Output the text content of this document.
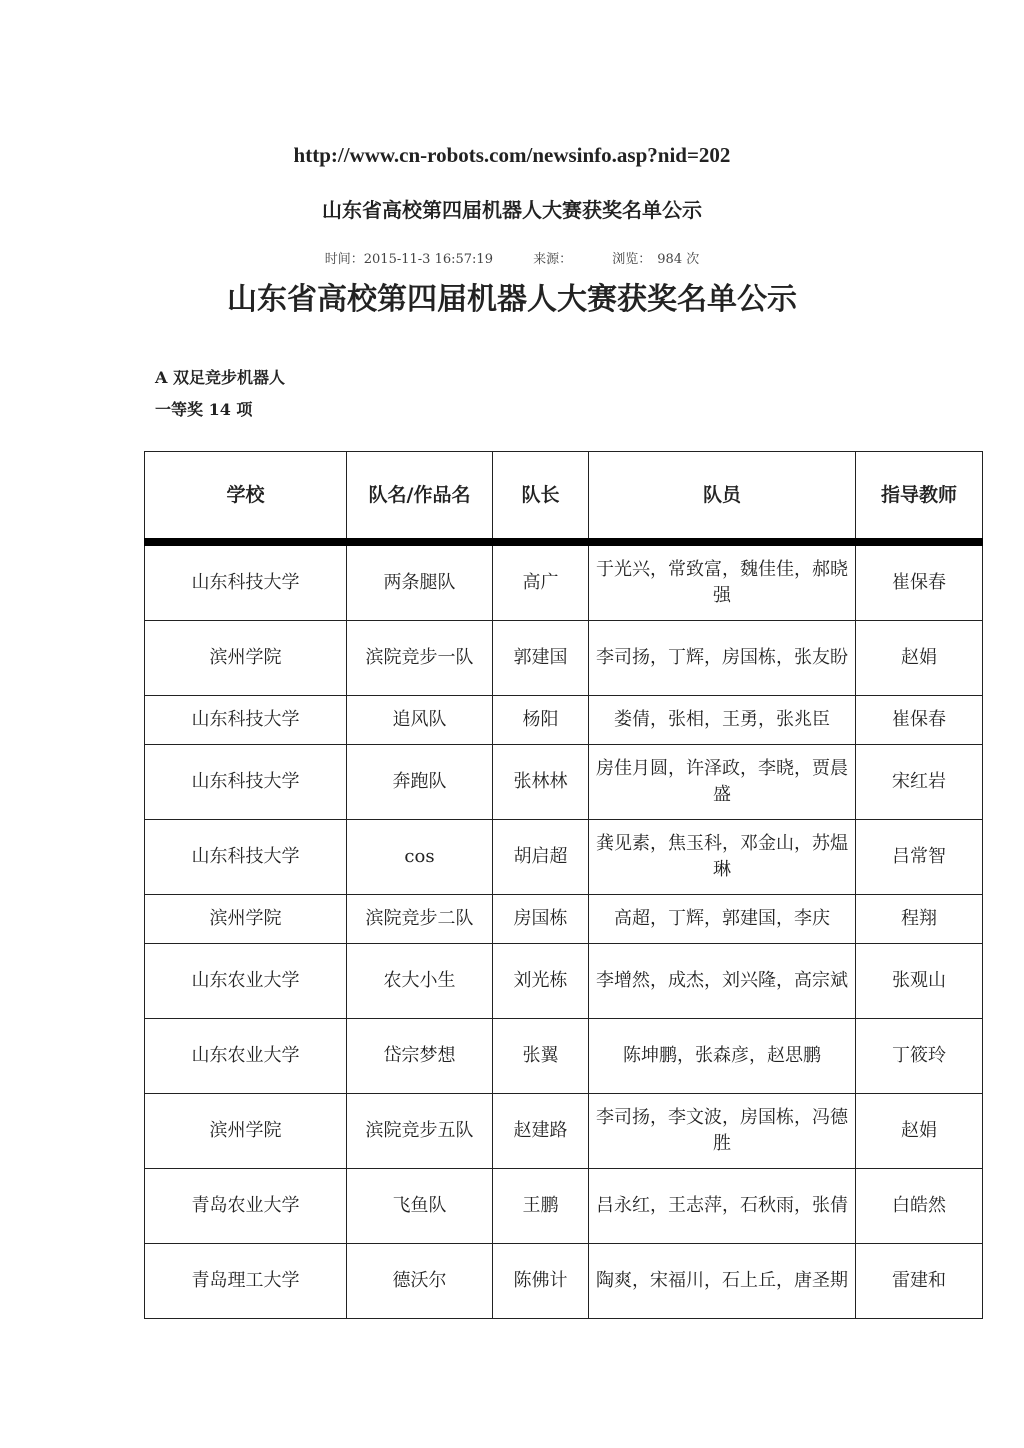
http://www.cn-robots.com/newsinfo.asp?nid=202
山东省高校第四届机器人大赛获奖名单公示
时间：2015-11-3 16:57:19	来源：	浏览： 984 次
山东省高校第四届机器人大赛获奖名单公示
A 双足竞步机器人
一等奖 14 项
学校	队名/作品名	队长	队员	指导教师
山东科技大学	两条腿队	高广	于光兴，常致富，魏佳佳，郝晓强	崔保春
滨州学院	滨院竞步一队	郭建国	李司扬，丁辉，房国栋，张友盼	赵娟
山东科技大学	追风队	杨阳	娄倩，张相，王勇，张兆臣	崔保春
山东科技大学	奔跑队	张林林	房佳月圆，许泽政，李晓，贾晨盛	宋红岩
山东科技大学	cos	胡启超	龚见素，焦玉科，邓金山，苏煴琳	吕常智
滨州学院	滨院竞步二队	房国栋	高超，丁辉，郭建国，李庆	程翔
山东农业大学	农大小生	刘光栋	李增然，成杰，刘兴隆，高宗斌	张观山
山东农业大学	岱宗梦想	张翼	陈坤鹏，张森彦，赵思鹏	丁筱玲
滨州学院	滨院竞步五队	赵建路	李司扬，李文波，房国栋，冯德胜	赵娟
青岛农业大学	飞鱼队	王鹏	吕永红，王志萍，石秋雨，张倩	白皓然
青岛理工大学	德沃尔	陈佛计	陶爽，宋福川，石上丘，唐圣期	雷建和
